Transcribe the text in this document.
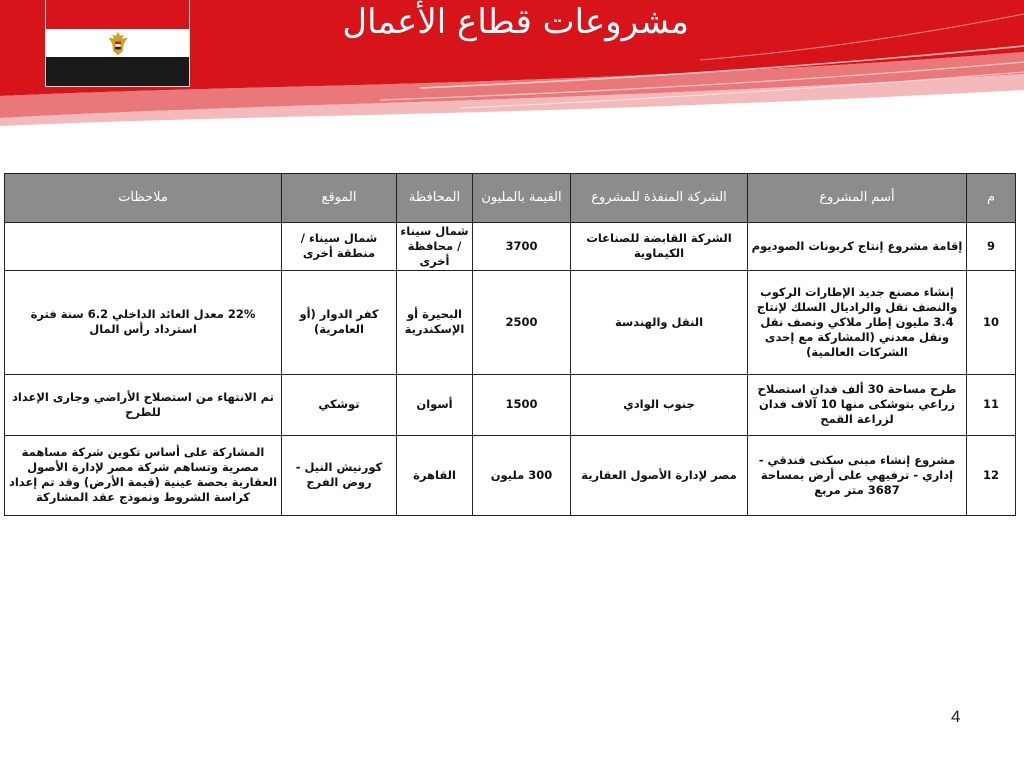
مشروعات قطاع الأعمال
م	أسم المشروع	الشركة المنفذة للمشروع	القيمة بالمليون	المحافظة	الموقع	ملاحظات
9	إقامة مشروع إنتاج كربونات الصوديوم	الشركة القابضة للصناعات الكيماوية	3700	شمال سيناء / محافظة أخرى	شمال سيناء / منطقة أخرى	
10	إنشاء مصنع جديد الإطارات الركوب والنصف نقل والراديال السلك لإنتاج 3.4 مليون إطار ملاكي ونصف نقل ونقل معدني (المشاركة مع إحدى الشركات العالمية)	النقل والهندسة	2500	البحيرة أو الإسكندرية	كفر الدوار (أو العامرية)	22% معدل العائد الداخلي 6.2 سنة فترة استرداد رأس المال
11	طرح مساحة 30 ألف فدان استصلاح زراعي بتوشكى منها 10 آلاف فدان لزراعة القمح	جنوب الوادي	1500	أسوان	توشكي	تم الانتهاء من استصلاح الأراضي وجارى الإعداد للطرح
12	مشروع إنشاء مبنى سكنى فندقي - إداري - ترفيهي على أرض بمساحة 3687 متر مربع	مصر لإدارة الأصول العقارية	300 مليون	القاهرة	كورنيش النيل - روض الفرج	المشاركة على أساس تكوين شركة مساهمة مصرية وتساهم شركة مصر لإدارة الأصول العقارية بحصة عينية (قيمة الأرض) وقد تم إعداد كراسة الشروط ونموذج عقد المشاركة
4
